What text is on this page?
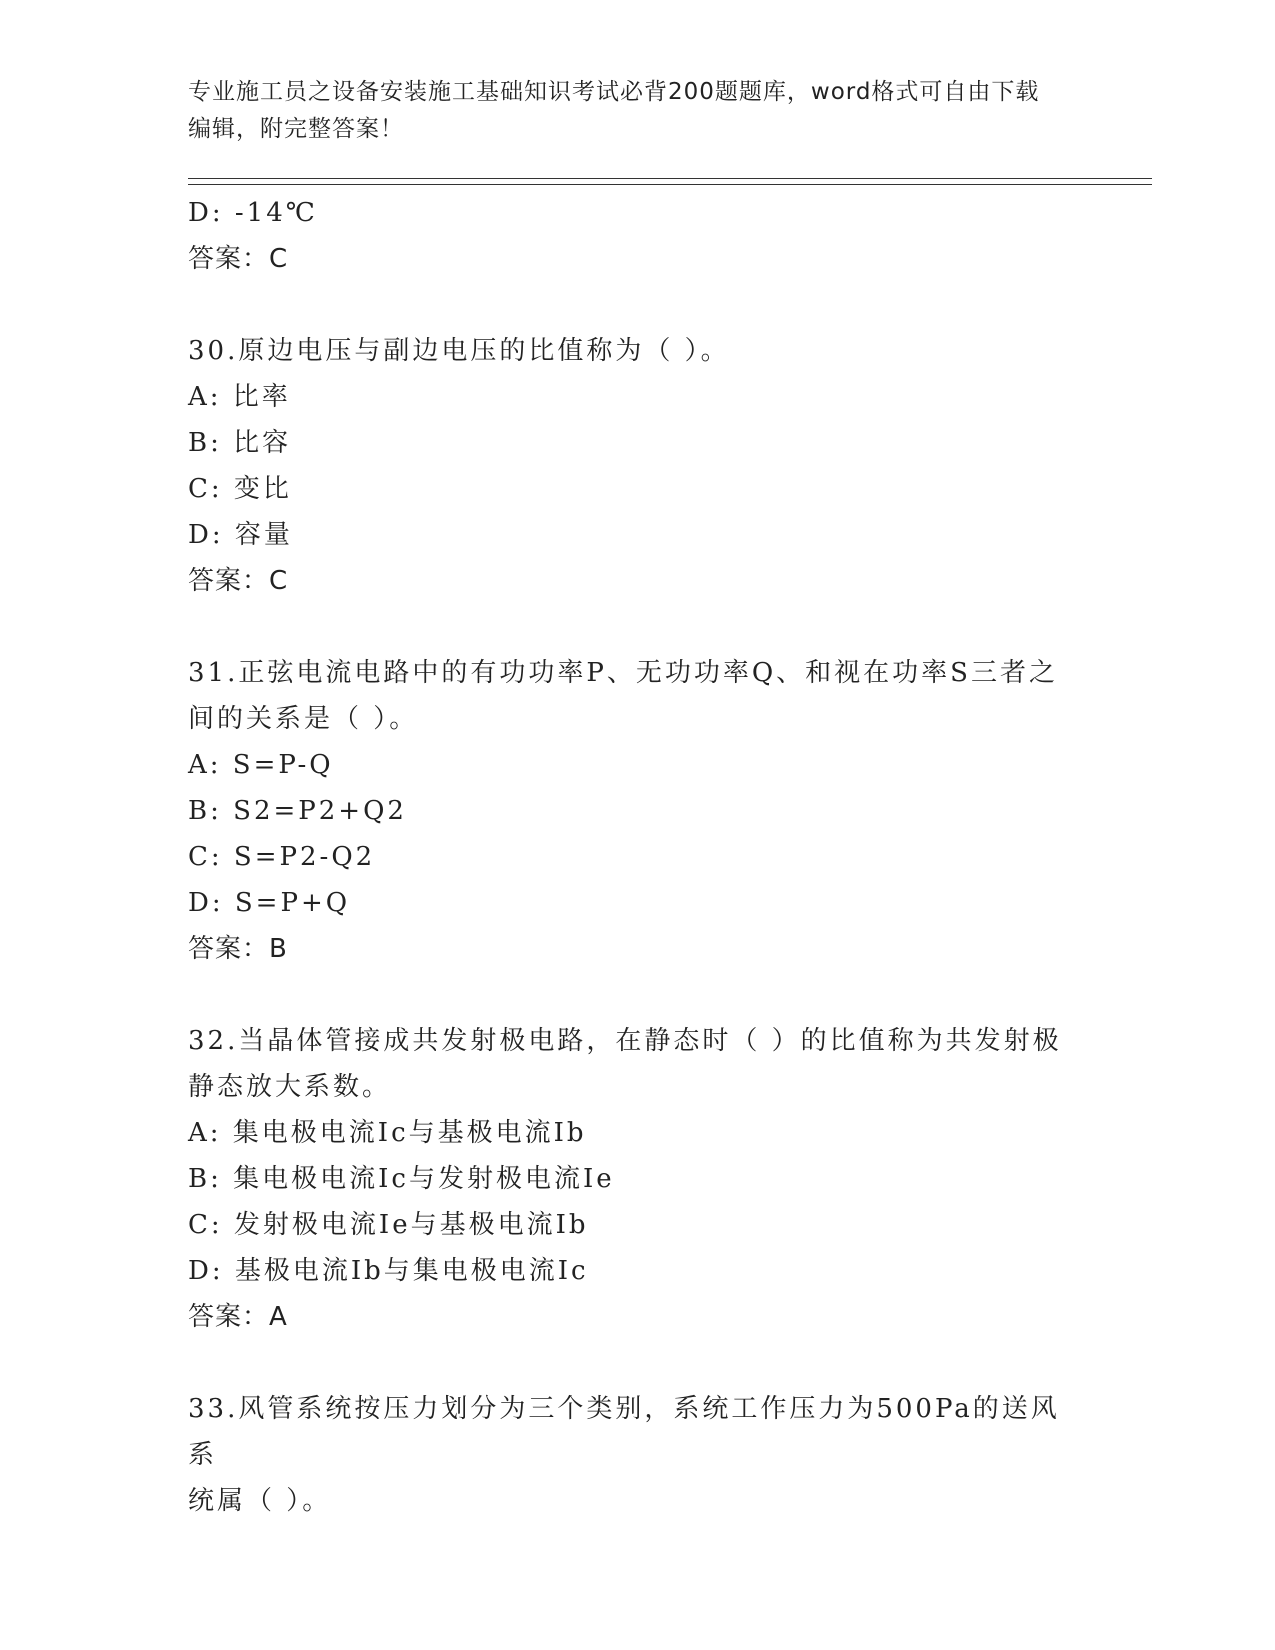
专业施工员之设备安装施工基础知识考试必背200题题库，word格式可自由下载
编辑，附完整答案！
D: -14℃
答案：C
30.原边电压与副边电压的比值称为（ ）。
A: 比率
B: 比容
C: 变比
D: 容量
答案：C
31.正弦电流电路中的有功功率P、无功功率Q、和视在功率S三者之
间的关系是（ ）。
A: S=P-Q
B: S2=P2+Q2
C: S=P2-Q2
D: S=P+Q
答案：B
32.当晶体管接成共发射极电路，在静态时（ ）的比值称为共发射极
静态放大系数。
A: 集电极电流Ic与基极电流Ib
B: 集电极电流Ic与发射极电流Ie
C: 发射极电流Ie与基极电流Ib
D: 基极电流Ib与集电极电流Ic
答案：A
33.风管系统按压力划分为三个类别，系统工作压力为500Pa的送风系
统属（ ）。
